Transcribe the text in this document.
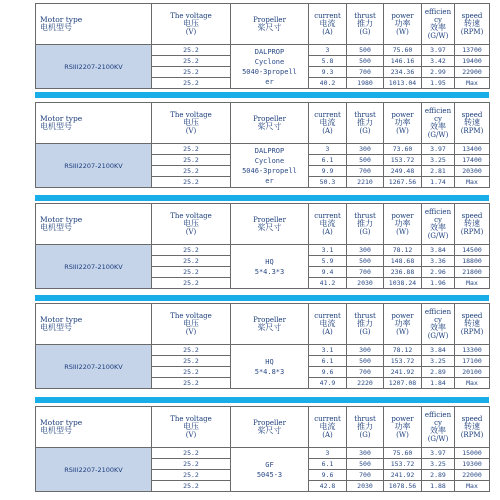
Motor type
电机型号	The voltage
电压
(V)	Propeller
桨尺寸	current
电流
(A)	thrust
推力
(G)	power
功率
(W)	efficien
cy
效率
(G/W)	speed
转速
(RPM)
RSIII2207-2100KV	25.2	DALPROP
Cyclone
5040-3propell
er	3	500	75.60	3.97	13700
	25.2		5.8	500	146.16	3.42	19400
	25.2		9.3	700	234.36	2.99	22900
	25.2		40.2	1980	1013.04	1.95	Max
Motor type
电机型号	The voltage
电压
(V)	Propeller
桨尺寸	current
电流
(A)	thrust
推力
(G)	power
功率
(W)	efficien
cy
效率
(G/W)	speed
转速
(RPM)
RSIII2207-2100KV	25.2	DALPROP
Cyclone
5046-3propell
er	3	300	73.60	3.97	13400
	25.2		6.1	500	153.72	3.25	17400
	25.2		9.9	700	249.48	2.81	20300
	25.2		50.3	2210	1267.56	1.74	Max
Motor type
电机型号	The voltage
电压
(V)	Propeller
桨尺寸	current
电流
(A)	thrust
推力
(G)	power
功率
(W)	efficien
cy
效率
(G/W)	speed
转速
(RPM)
RSIII2207-2100KV	25.2	HQ
5*4.3*3	3.1	300	78.12	3.84	14500
	25.2		5.9	500	148.68	3.36	18800
	25.2		9.4	700	236.88	2.96	21800
	25.2		41.2	2030	1038.24	1.96	Max
Motor type
电机型号	The voltage
电压
(V)	Propeller
桨尺寸	current
电流
(A)	thrust
推力
(G)	power
功率
(W)	efficien
cy
效率
(G/W)	speed
转速
(RPM)
RSIII2207-2100KV	25.2	HQ
5*4.8*3	3.1	300	78.12	3.84	13300
	25.2		6.1	500	153.72	3.25	17100
	25.2		9.6	700	241.92	2.89	20100
	25.2		47.9	2220	1207.08	1.84	Max
Motor type
电机型号	The voltage
电压
(V)	Propeller
桨尺寸	current
电流
(A)	thrust
推力
(G)	power
功率
(W)	efficien
cy
效率
(G/W)	speed
转速
(RPM)
RSIII2207-2100KV	25.2	GF
5045-3	3	300	75.60	3.97	15000
	25.2		6.1	500	153.72	3.25	19300
	25.2		9.6	700	241.92	2.89	22000
	25.2		42.8	2030	1078.56	1.88	Max
